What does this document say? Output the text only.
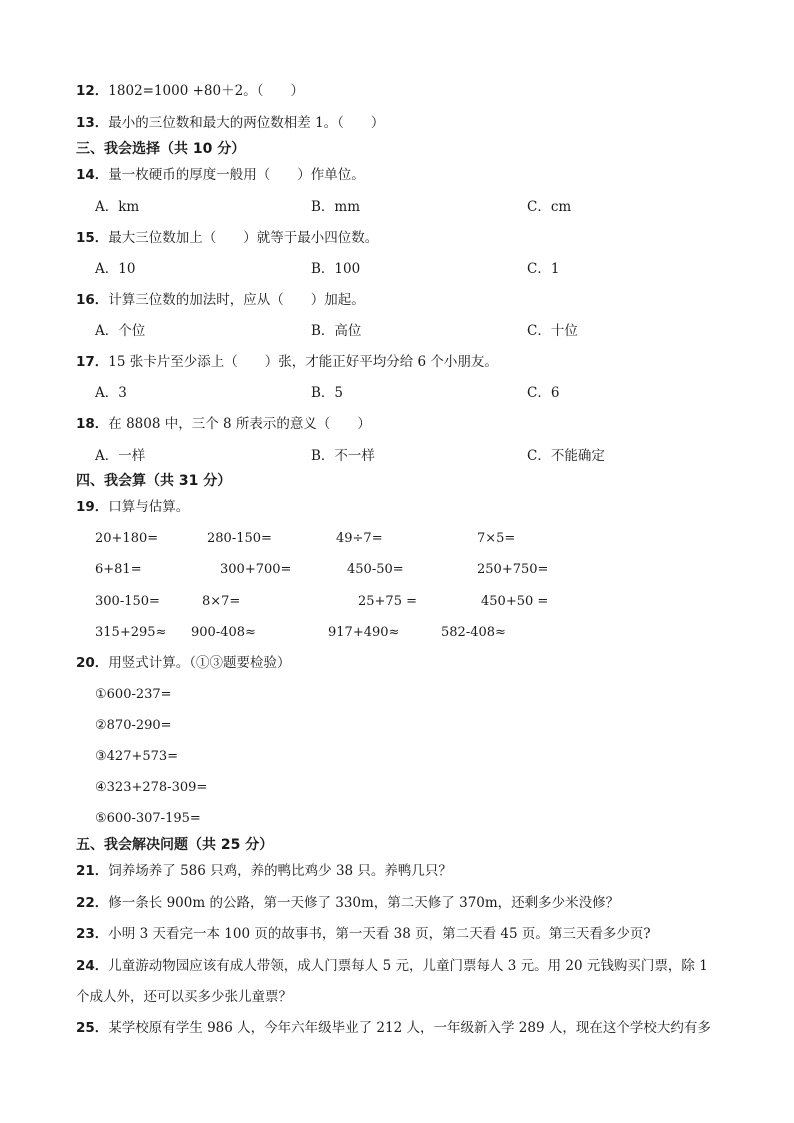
12．1802=1000 +80＋2。（　　）
13．最小的三位数和最大的两位数相差 1。（　　）
三、我会选择（共 10 分）
14．量一枚硬币的厚度一般用（　　）作单位。
A．km	B．mm	C．cm
15．最大三位数加上（　　）就等于最小四位数。
A．10	B．100	C．1
16．计算三位数的加法时，应从（　　）加起。
A．个位	B．高位	C．十位
17．15 张卡片至少添上（　　）张，才能正好平均分给 6 个小朋友。
A．3	B．5	C．6
18．在 8808 中，三个 8 所表示的意义（　　）
A．一样	B．不一样	C．不能确定
四、我会算（共 31 分）
19．口算与估算。
20+180=	280-150=	49÷7=	7×5=
6+81=	300+700=	450-50=	250+750=
300-150=	8×7=	25+75 =	450+50 =
315+295≈ 900-408≈	917+490≈	582-408≈
20．用竖式计算。（①③题要检验）
①600-237=
②870-290=
③427+573=
④323+278-309=
⑤600-307-195=
五、我会解决问题（共 25 分）
21．饲养场养了 586 只鸡，养的鸭比鸡少 38 只。养鸭几只？
22．修一条长 900m 的公路，第一天修了 330m，第二天修了 370m，还剩多少米没修？
23．小明 3 天看完一本 100 页的故事书，第一天看 38 页，第二天看 45 页。第三天看多少页?
24．儿童游动物园应该有成人带领，成人门票每人 5 元，儿童门票每人 3 元。用 20 元钱购买门票，除 1
个成人外，还可以买多少张儿童票？
25．某学校原有学生 986 人，今年六年级毕业了 212 人，一年级新入学 289 人，现在这个学校大约有多
